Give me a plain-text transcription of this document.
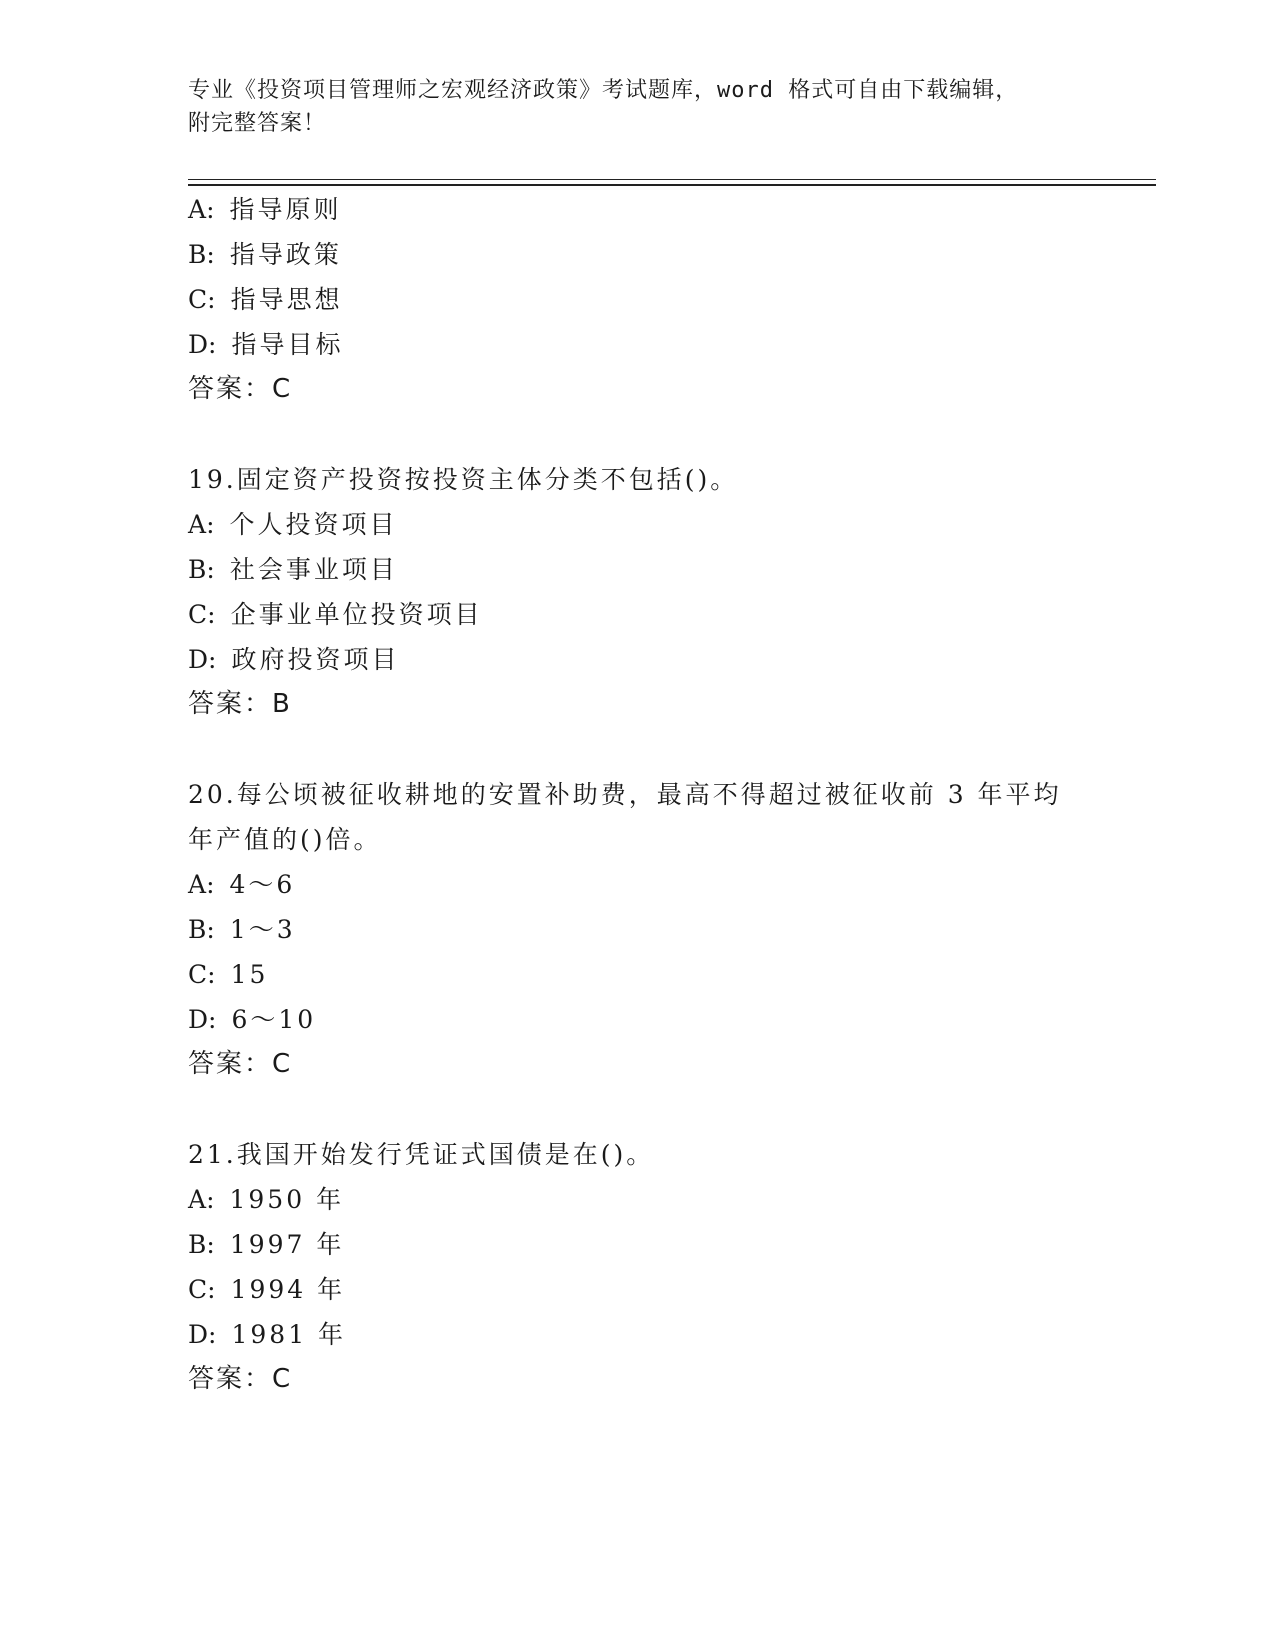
专业《投资项目管理师之宏观经济政策》考试题库，word 格式可自由下载编辑，
附完整答案！
A: 指导原则
B: 指导政策
C: 指导思想
D: 指导目标
答案：C
19.固定资产投资按投资主体分类不包括()。
A: 个人投资项目
B: 社会事业项目
C: 企事业单位投资项目
D: 政府投资项目
答案：B
20.每公顷被征收耕地的安置补助费，最高不得超过被征收前 3 年平均
年产值的()倍。
A: 4～6
B: 1～3
C: 15
D: 6～10
答案：C
21.我国开始发行凭证式国债是在()。
A: 1950 年
B: 1997 年
C: 1994 年
D: 1981 年
答案：C
